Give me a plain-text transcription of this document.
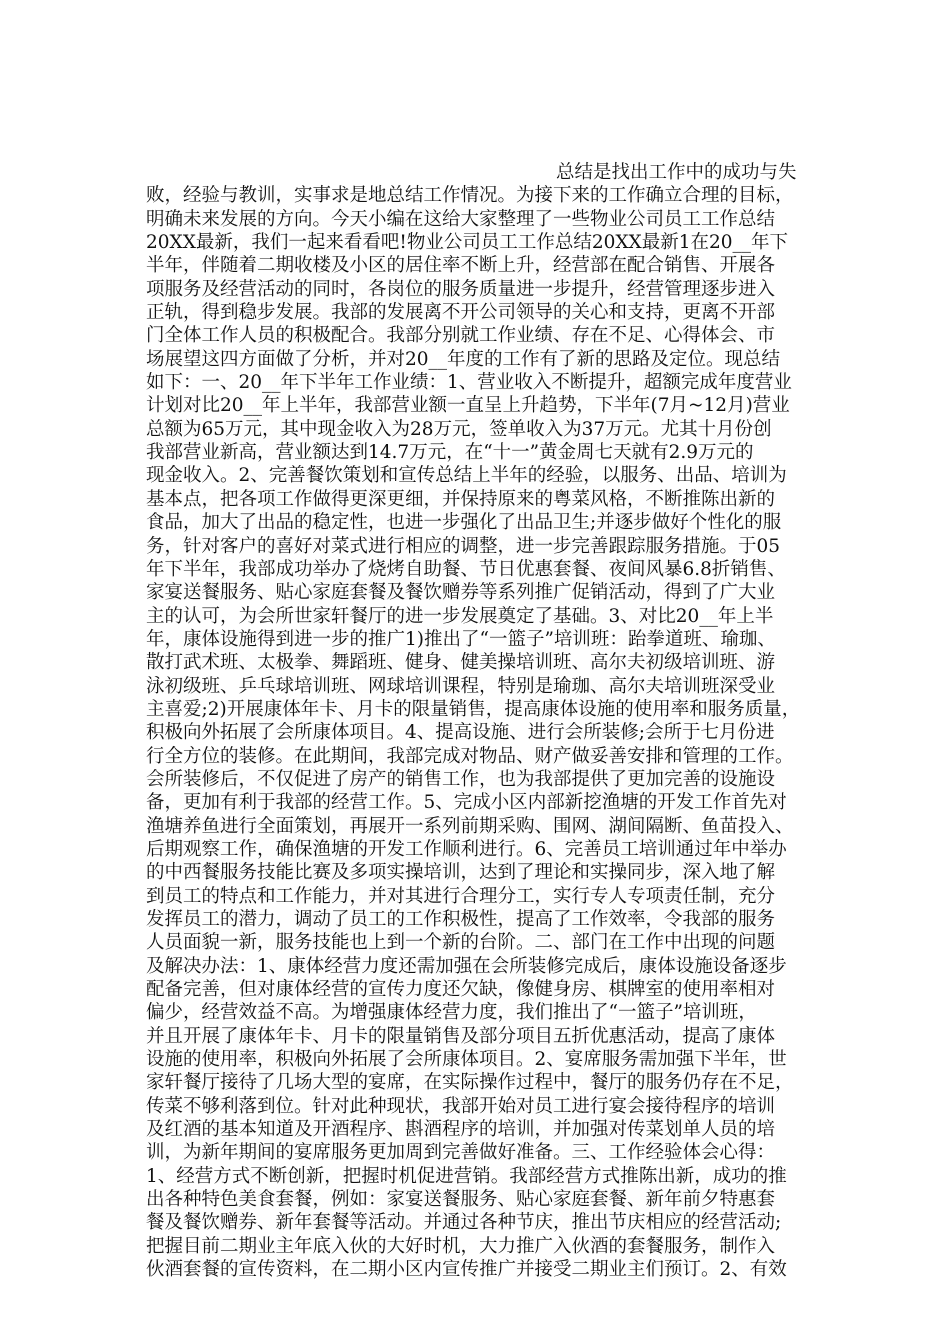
总结是找出工作中的成功与失
败，经验与教训，实事求是地总结工作情况。为接下来的工作确立合理的目标，
明确未来发展的方向。今天小编在这给大家整理了一些物业公司员工工作总结
20XX最新，我们一起来看看吧!物业公司员工工作总结20XX最新1在20__年下
半年，伴随着二期收楼及小区的居住率不断上升，经营部在配合销售、开展各
项服务及经营活动的同时，各岗位的服务质量进一步提升，经营管理逐步进入
正轨，得到稳步发展。我部的发展离不开公司领导的关心和支持，更离不开部
门全体工作人员的积极配合。我部分别就工作业绩、存在不足、心得体会、市
场展望这四方面做了分析，并对20__年度的工作有了新的思路及定位。现总结
如下：一、20__年下半年工作业绩：1、营业收入不断提升，超额完成年度营业
计划对比20__年上半年，我部营业额一直呈上升趋势，下半年(7月~12月)营业
总额为65万元，其中现金收入为28万元，签单收入为37万元。尤其十月份创
我部营业新高，营业额达到14.7万元，在“十一”黄金周七天就有2.9万元的
现金收入。2、完善餐饮策划和宣传总结上半年的经验，以服务、出品、培训为
基本点，把各项工作做得更深更细，并保持原来的粤菜风格，不断推陈出新的
食品，加大了出品的稳定性，也进一步强化了出品卫生;并逐步做好个性化的服
务，针对客户的喜好对菜式进行相应的调整，进一步完善跟踪服务措施。于05
年下半年，我部成功举办了烧烤自助餐、节日优惠套餐、夜间风暴6.8折销售、
家宴送餐服务、贴心家庭套餐及餐饮赠券等系列推广促销活动，得到了广大业
主的认可，为会所世家轩餐厅的进一步发展奠定了基础。3、对比20__年上半
年，康体设施得到进一步的推广1)推出了“一篮子”培训班：跆拳道班、瑜珈、
散打武术班、太极拳、舞蹈班、健身、健美操培训班、高尔夫初级培训班、游
泳初级班、乒乓球培训班、网球培训课程，特别是瑜珈、高尔夫培训班深受业
主喜爱;2)开展康体年卡、月卡的限量销售，提高康体设施的使用率和服务质量，
积极向外拓展了会所康体项目。4、提高设施、进行会所装修;会所于七月份进
行全方位的装修。在此期间，我部完成对物品、财产做妥善安排和管理的工作。
会所装修后，不仅促进了房产的销售工作，也为我部提供了更加完善的设施设
备，更加有利于我部的经营工作。5、完成小区内部新挖渔塘的开发工作首先对
渔塘养鱼进行全面策划，再展开一系列前期采购、围网、湖间隔断、鱼苗投入、
后期观察工作，确保渔塘的开发工作顺利进行。6、完善员工培训通过年中举办
的中西餐服务技能比赛及多项实操培训，达到了理论和实操同步，深入地了解
到员工的特点和工作能力，并对其进行合理分工，实行专人专项责任制，充分
发挥员工的潜力，调动了员工的工作积极性，提高了工作效率，令我部的服务
人员面貌一新，服务技能也上到一个新的台阶。二、部门在工作中出现的问题
及解决办法：1、康体经营力度还需加强在会所装修完成后，康体设施设备逐步
配备完善，但对康体经营的宣传力度还欠缺，像健身房、棋牌室的使用率相对
偏少，经营效益不高。为增强康体经营力度，我们推出了“一篮子”培训班，
并且开展了康体年卡、月卡的限量销售及部分项目五折优惠活动，提高了康体
设施的使用率，积极向外拓展了会所康体项目。2、宴席服务需加强下半年，世
家轩餐厅接待了几场大型的宴席，在实际操作过程中，餐厅的服务仍存在不足，
传菜不够利落到位。针对此种现状，我部开始对员工进行宴会接待程序的培训
及红酒的基本知道及开酒程序、斟酒程序的培训，并加强对传菜划单人员的培
训，为新年期间的宴席服务更加周到完善做好准备。三、工作经验体会心得：
1、经营方式不断创新，把握时机促进营销。我部经营方式推陈出新，成功的推
出各种特色美食套餐，例如：家宴送餐服务、贴心家庭套餐、新年前夕特惠套
餐及餐饮赠券、新年套餐等活动。并通过各种节庆，推出节庆相应的经营活动;
把握目前二期业主年底入伙的大好时机，大力推广入伙酒的套餐服务，制作入
伙酒套餐的宣传资料，在二期小区内宣传推广并接受二期业主们预订。2、有效
